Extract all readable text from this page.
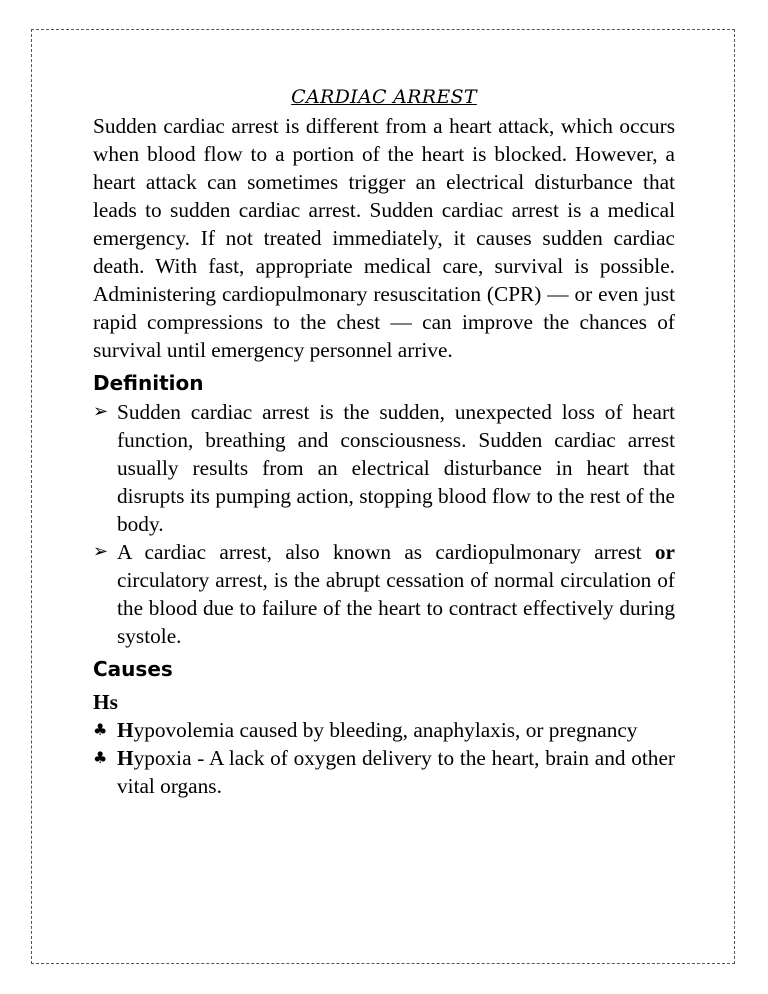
CARDIAC ARREST

Sudden cardiac arrest is different from a heart attack, which occurs when blood flow to a portion of the heart is blocked. However, a heart attack can sometimes trigger an electrical disturbance that leads to sudden cardiac arrest. Sudden cardiac arrest is a medical emergency. If not treated immediately, it causes sudden cardiac death. With fast, appropriate medical care, survival is possible. Administering cardiopulmonary resuscitation (CPR) — or even just rapid compressions to the chest — can improve the chances of survival until emergency personnel arrive.

Definition
➢ Sudden cardiac arrest is the sudden, unexpected loss of heart function, breathing and consciousness. Sudden cardiac arrest usually results from an electrical disturbance in heart that disrupts its pumping action, stopping blood flow to the rest of the body.
➢ A cardiac arrest, also known as cardiopulmonary arrest or circulatory arrest, is the abrupt cessation of normal circulation of the blood due to failure of the heart to contract effectively during systole.
Causes
Hs
♣ Hypovolemia caused by bleeding, anaphylaxis, or pregnancy
♣ Hypoxia - A lack of oxygen delivery to the heart, brain and other vital organs.
